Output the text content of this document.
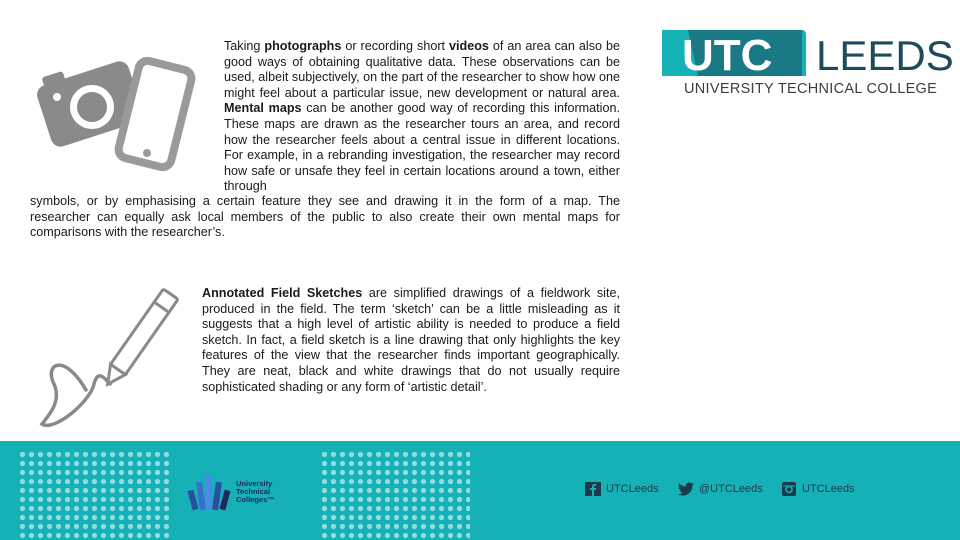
Taking photographs or recording short videos of an area can also be good ways of obtaining qualitative data. These observations can be used, albeit subjectively, on the part of the researcher to show how one might feel about a particular issue, new development or natural area. Mental maps can be another good way of recording this information. These maps are drawn as the researcher tours an area, and record how the researcher feels about a central issue in different locations. For example, in a rebranding investigation, the researcher may record how safe or unsafe they feel in certain locations around a town, either through

symbols, or by emphasising a certain feature they see and drawing it in the form of a map. The researcher can equally ask local members of the public to also create their own mental maps for comparisons with the researcher’s.

Annotated Field Sketches are simplified drawings of a fieldwork site, produced in the field. The term ‘sketch’ can be a little misleading as it suggests that a high level of artistic ability is needed to produce a field sketch. In fact, a field sketch is a line drawing that only highlights the key features of the view that the researcher finds important geographically. They are neat, black and white drawings that do not usually require sophisticated shading or any form of ‘artistic detail’.

UTC LEEDS
UNIVERSITY TECHNICAL COLLEGE
University
Technical
Colleges™
UTCLeeds	@UTCLeeds	UTCLeeds
